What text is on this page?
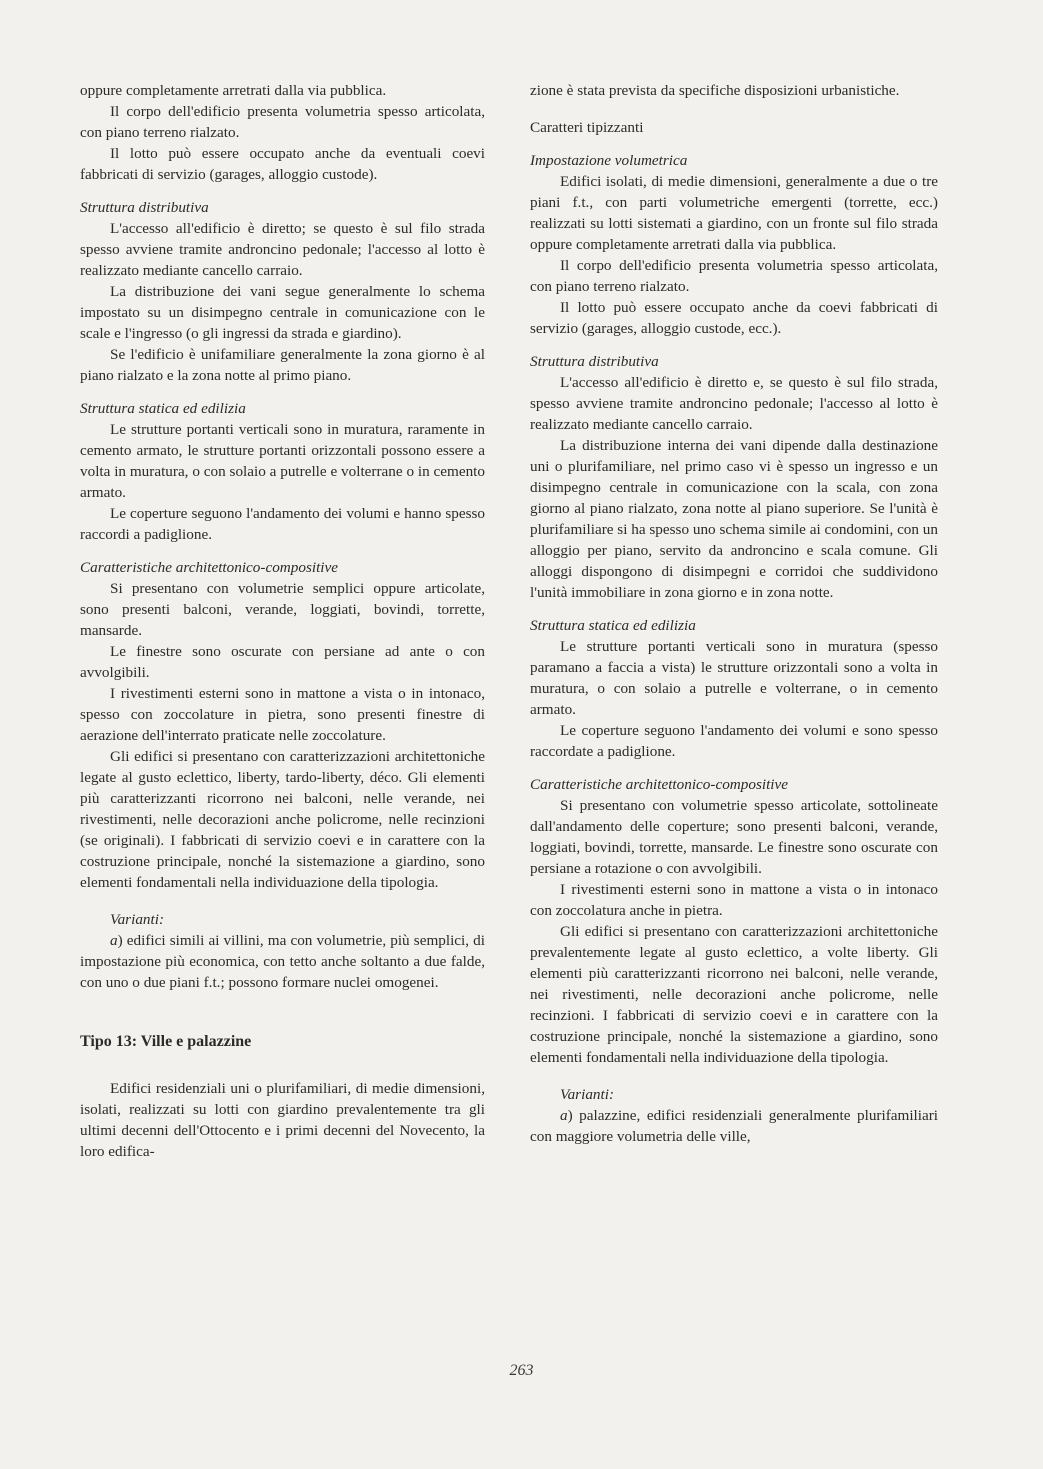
oppure completamente arretrati dalla via pubblica.

Il corpo dell'edificio presenta volumetria spesso articolata, con piano terreno rialzato.

Il lotto può essere occupato anche da eventuali coevi fabbricati di servizio (garages, alloggio custode).

Struttura distributiva

L'accesso all'edificio è diretto; se questo è sul filo strada spesso avviene tramite androncino pedonale; l'accesso al lotto è realizzato mediante cancello carraio.

La distribuzione dei vani segue generalmente lo schema impostato su un disimpegno centrale in comunicazione con le scale e l'ingresso (o gli ingressi da strada e giardino).

Se l'edificio è unifamiliare generalmente la zona giorno è al piano rialzato e la zona notte al primo piano.

Struttura statica ed edilizia

Le strutture portanti verticali sono in muratura, raramente in cemento armato, le strutture portanti orizzontali possono essere a volta in muratura, o con solaio a putrelle e volterrane o in cemento armato.

Le coperture seguono l'andamento dei volumi e hanno spesso raccordi a padiglione.

Caratteristiche architettonico-compositive

Si presentano con volumetrie semplici oppure articolate, sono presenti balconi, verande, loggiati, bovindi, torrette, mansarde.

Le finestre sono oscurate con persiane ad ante o con avvolgibili.

I rivestimenti esterni sono in mattone a vista o in intonaco, spesso con zoccolature in pietra, sono presenti finestre di aerazione dell'interrato praticate nelle zoccolature.

Gli edifici si presentano con caratterizzazioni architettoniche legate al gusto eclettico, liberty, tardo-liberty, déco. Gli elementi più caratterizzanti ricorrono nei balconi, nelle verande, nei rivestimenti, nelle decorazioni anche policrome, nelle recinzioni (se originali). I fabbricati di servizio coevi e in carattere con la costruzione principale, nonché la sistemazione a giardino, sono elementi fondamentali nella individuazione della tipologia.

Varianti:

a) edifici simili ai villini, ma con volumetrie, più semplici, di impostazione più economica, con tetto anche soltanto a due falde, con uno o due piani f.t.; possono formare nuclei omogenei.

Tipo 13: Ville e palazzine

Edifici residenziali uni o plurifamiliari, di medie dimensioni, isolati, realizzati su lotti con giardino prevalentemente tra gli ultimi decenni dell'Ottocento e i primi decenni del Novecento, la loro edifica-

zione è stata prevista da specifiche disposizioni urbanistiche.

Caratteri tipizzanti

Impostazione volumetrica

Edifici isolati, di medie dimensioni, generalmente a due o tre piani f.t., con parti volumetriche emergenti (torrette, ecc.) realizzati su lotti sistemati a giardino, con un fronte sul filo strada oppure completamente arretrati dalla via pubblica.

Il corpo dell'edificio presenta volumetria spesso articolata, con piano terreno rialzato.

Il lotto può essere occupato anche da coevi fabbricati di servizio (garages, alloggio custode, ecc.).

Struttura distributiva

L'accesso all'edificio è diretto e, se questo è sul filo strada, spesso avviene tramite androncino pedonale; l'accesso al lotto è realizzato mediante cancello carraio.

La distribuzione interna dei vani dipende dalla destinazione uni o plurifamiliare, nel primo caso vi è spesso un ingresso e un disimpegno centrale in comunicazione con la scala, con zona giorno al piano rialzato, zona notte al piano superiore. Se l'unità è plurifamiliare si ha spesso uno schema simile ai condomini, con un alloggio per piano, servito da androncino e scala comune. Gli alloggi dispongono di disimpegni e corridoi che suddividono l'unità immobiliare in zona giorno e in zona notte.

Struttura statica ed edilizia

Le strutture portanti verticali sono in muratura (spesso paramano a faccia a vista) le strutture orizzontali sono a volta in muratura, o con solaio a putrelle e volterrane, o in cemento armato.

Le coperture seguono l'andamento dei volumi e sono spesso raccordate a padiglione.

Caratteristiche architettonico-compositive

Si presentano con volumetrie spesso articolate, sottolineate dall'andamento delle coperture; sono presenti balconi, verande, loggiati, bovindi, torrette, mansarde. Le finestre sono oscurate con persiane a rotazione o con avvolgibili.

I rivestimenti esterni sono in mattone a vista o in intonaco con zoccolatura anche in pietra.

Gli edifici si presentano con caratterizzazioni architettoniche prevalentemente legate al gusto eclettico, a volte liberty. Gli elementi più caratterizzanti ricorrono nei balconi, nelle verande, nei rivestimenti, nelle decorazioni anche policrome, nelle recinzioni. I fabbricati di servizio coevi e in carattere con la costruzione principale, nonché la sistemazione a giardino, sono elementi fondamentali nella individuazione della tipologia.

Varianti:

a) palazzine, edifici residenziali generalmente plurifamiliari con maggiore volumetria delle ville,

263
